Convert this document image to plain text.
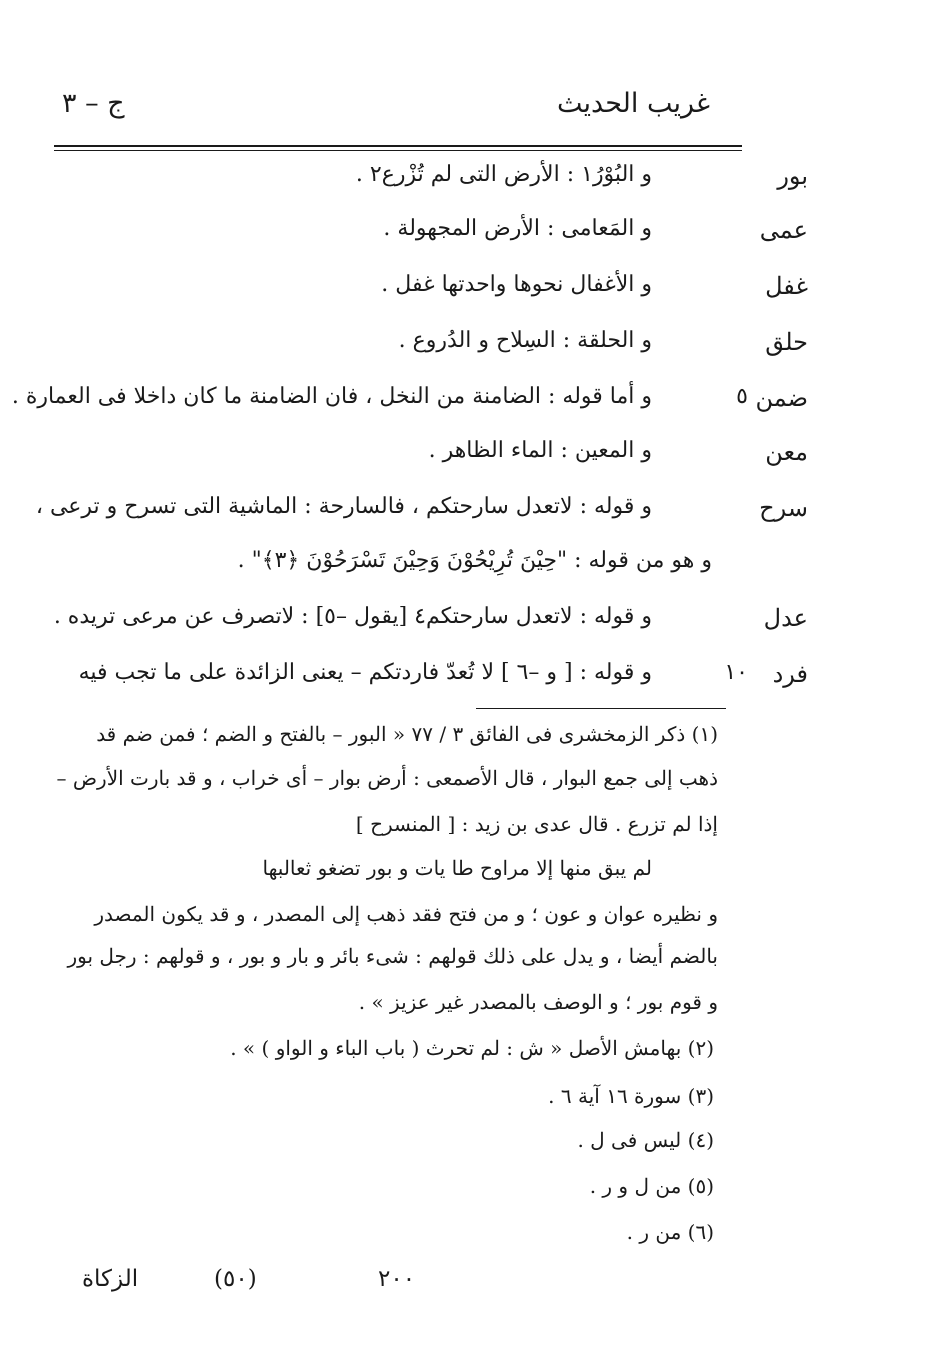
غريب الحديث
ج – ٣
بور
و البُوْرُ١ : الأرض التى لم تُزْرع٢ .
عمى
و المَعامى : الأرض المجهولة .
غفل
و الأغفال نحوها واحدتها غفل .
حلق
و الحلقة : السِلاح و الدُروع .
ضمن
٥
و أما قوله : الضامنة من النخل ، فان الضامنة ما كان داخلا فى العمارة .
معن
و المعين : الماء الظاهر .
سرح
و قوله : لاتعدل سارحتكم ، فالسارحة : الماشية التى تسرح و ترعى ،
و هو من قوله : "حِيْنَ تُرِيْحُوْنَ وَحِيْنَ تَسْرَحُوْنَ ﴿٣﴾" .
عدل
و قوله : لاتعدل سارحتكم٤ [يقول –٥] : لاتصرف عن مرعى تريده .
فرد
١٠
و قوله : [ و –٦ ] لا تُعدّ فاردتكم – يعنى الزائدة على ما تجب فيه
(١) ذكر الزمخشرى فى الفائق ٣ / ٧٧ « البور – بالفتح و الضم ؛ فمن ضم قد
ذهب إلى جمع البوار ، قال الأصمعى : أرض بوار – أى خراب ، و قد بارت الأرض –
إذا لم تزرع . قال عدى بن زيد : [ المنسرح ]
لم يبق منها إلا مراوح طا يات و بور تضغو ثعالبها
و نظيره عوان و عون ؛ و من فتح فقد ذهب إلى المصدر ، و قد يكون المصدر
بالضم أيضا ، و يدل على ذلك قولهم : شىء بائر و بار و بور ، و قولهم : رجل بور
و قوم بور ؛ و الوصف بالمصدر غير عزيز » .
(٢) بهامش الأصل « ش : لم تحرث ( باب الباء و الواو ) » .
(٣) سورة ١٦ آية ٦ .
(٤) ليس فى ل .
(٥) من ل و ر .
(٦) من ر .
الزكاة	(٥٠)	٢٠٠
